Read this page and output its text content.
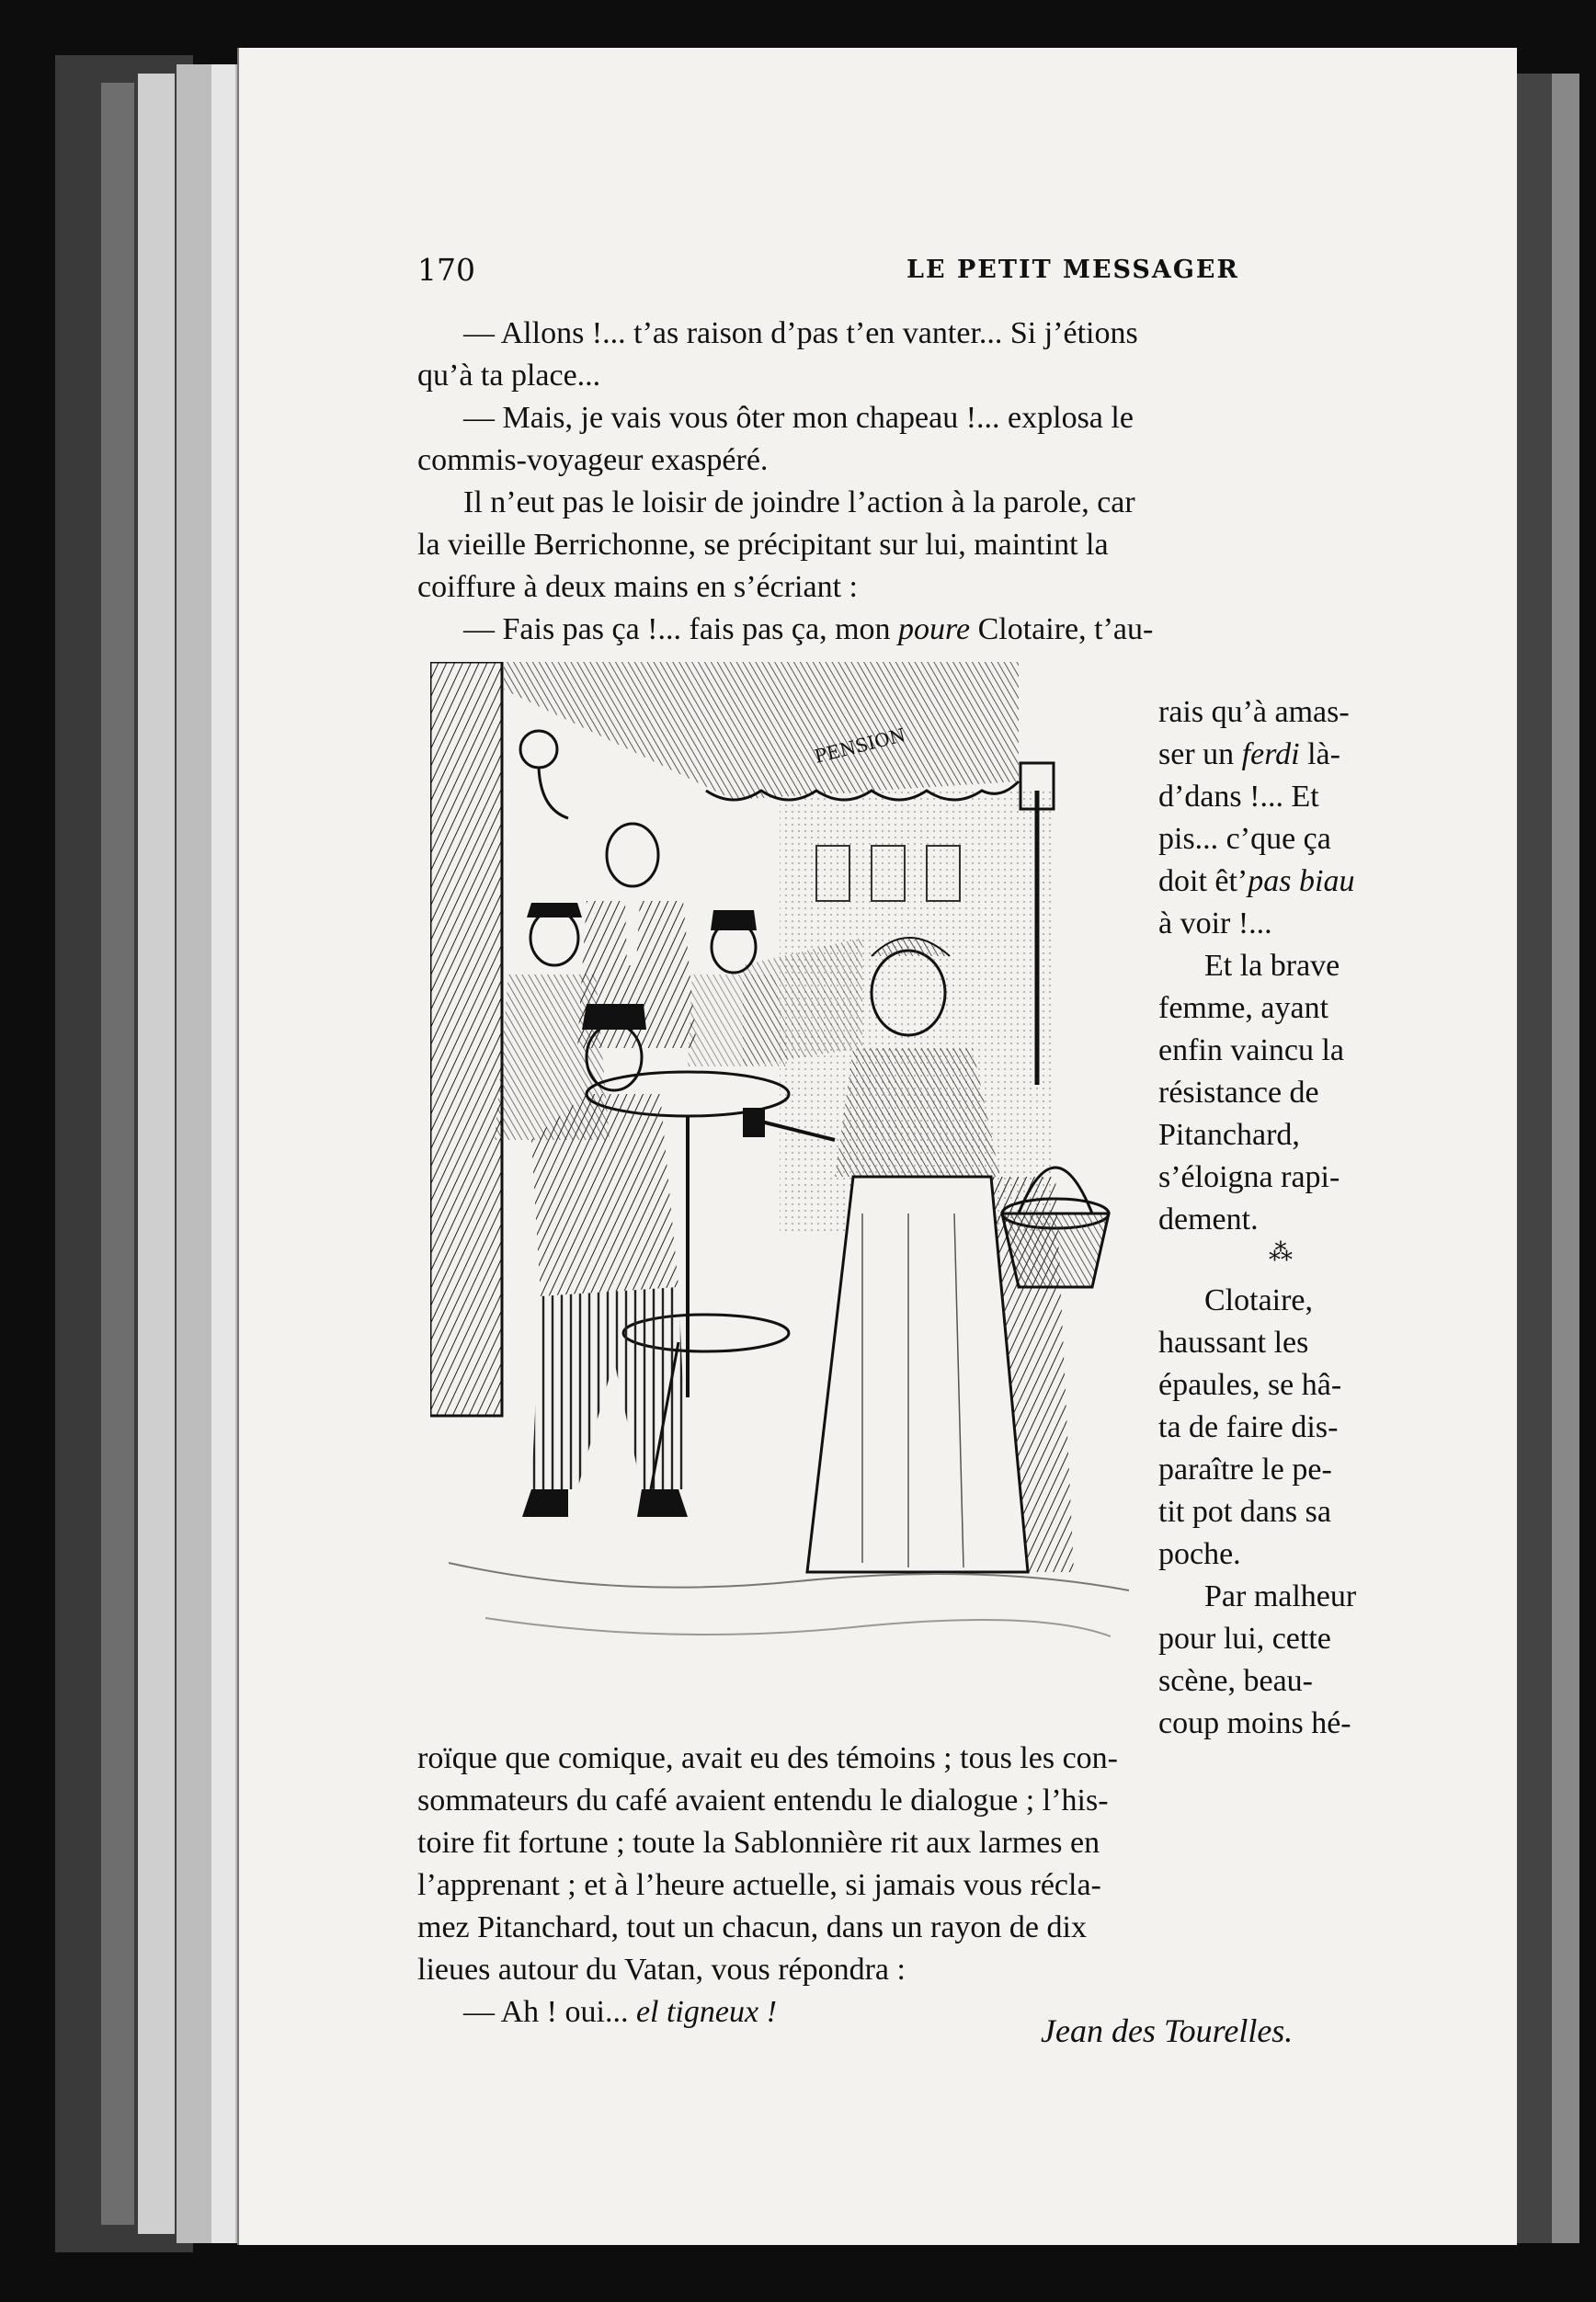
170	LE PETIT MESSAGER
— Allons !... t’as raison d’pas t’en vanter... Si j’étions
qu’à ta place...
— Mais, je vais vous ôter mon chapeau !... explosa le
commis-voyageur exaspéré.
Il n’eut pas le loisir de joindre l’action à la parole, car
la vieille Berrichonne, se précipitant sur lui, maintint la
coiffure à deux mains en s’écriant :
— Fais pas ça !... fais pas ça, mon poure Clotaire, t’au-
PENSION
rais qu’à amas-
ser un ferdi là-
d’dans !... Et
pis... c’que ça
doit êt’pas biau
à voir !...
Et la brave
femme, ayant
enfin vaincu la
résistance de
Pitanchard,
s’éloigna rapi-
dement.
⁂
Clotaire,
haussant les
épaules, se hâ-
ta de faire dis-
paraître le pe-
tit pot dans sa
poche.
Par malheur
pour lui, cette
scène, beau-
coup moins hé-
roïque que comique, avait eu des témoins ; tous les con-
sommateurs du café avaient entendu le dialogue ; l’his-
toire fit fortune ; toute la Sablonnière rit aux larmes en
l’apprenant ; et à l’heure actuelle, si jamais vous récla-
mez Pitanchard, tout un chacun, dans un rayon de dix
lieues autour du Vatan, vous répondra :
— Ah ! oui... el tigneux !
Jean des Tourelles.
